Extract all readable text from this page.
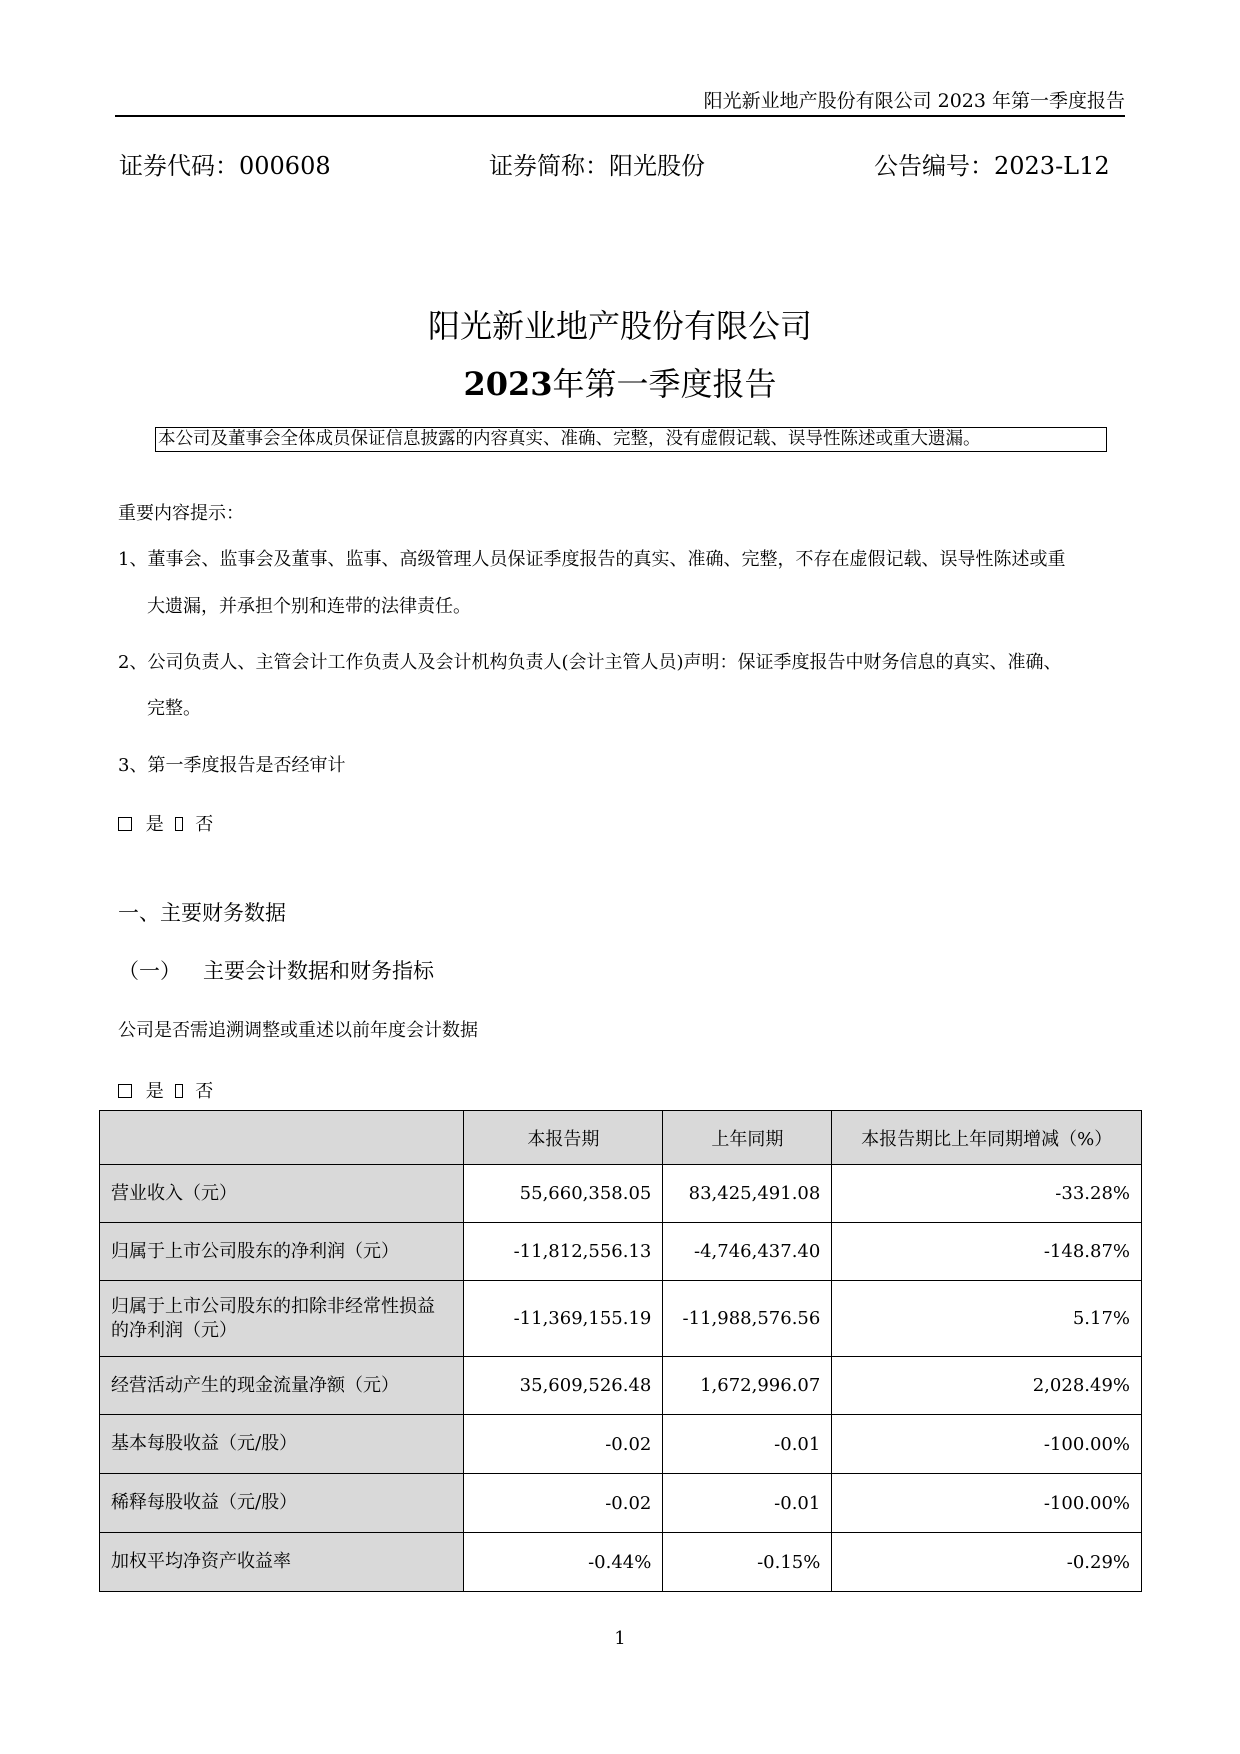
阳光新业地产股份有限公司 2023 年第一季度报告
证券代码：000608	证券简称：阳光股份	公告编号：2023-L12
阳光新业地产股份有限公司
2023年第一季度报告
本公司及董事会全体成员保证信息披露的内容真实、准确、完整，没有虚假记载、误导性陈述或重大遗漏。
重要内容提示：
1、董事会、监事会及董事、监事、高级管理人员保证季度报告的真实、准确、完整，不存在虚假记载、误导性陈述或重
大遗漏，并承担个别和连带的法律责任。
2、公司负责人、主管会计工作负责人及会计机构负责人(会计主管人员)声明：保证季度报告中财务信息的真实、准确、
完整。
3、第一季度报告是否经审计
是 否
一、主要财务数据
（一） 主要会计数据和财务指标
公司是否需追溯调整或重述以前年度会计数据
是 否
	本报告期	上年同期	本报告期比上年同期增减（%）
营业收入（元）	55,660,358.05	83,425,491.08	-33.28%
归属于上市公司股东的净利润（元）	-11,812,556.13	-4,746,437.40	-148.87%
归属于上市公司股东的扣除非经常性损益的净利润（元）	-11,369,155.19	-11,988,576.56	5.17%
经营活动产生的现金流量净额（元）	35,609,526.48	1,672,996.07	2,028.49%
基本每股收益（元/股）	-0.02	-0.01	-100.00%
稀释每股收益（元/股）	-0.02	-0.01	-100.00%
加权平均净资产收益率	-0.44%	-0.15%	-0.29%
1
